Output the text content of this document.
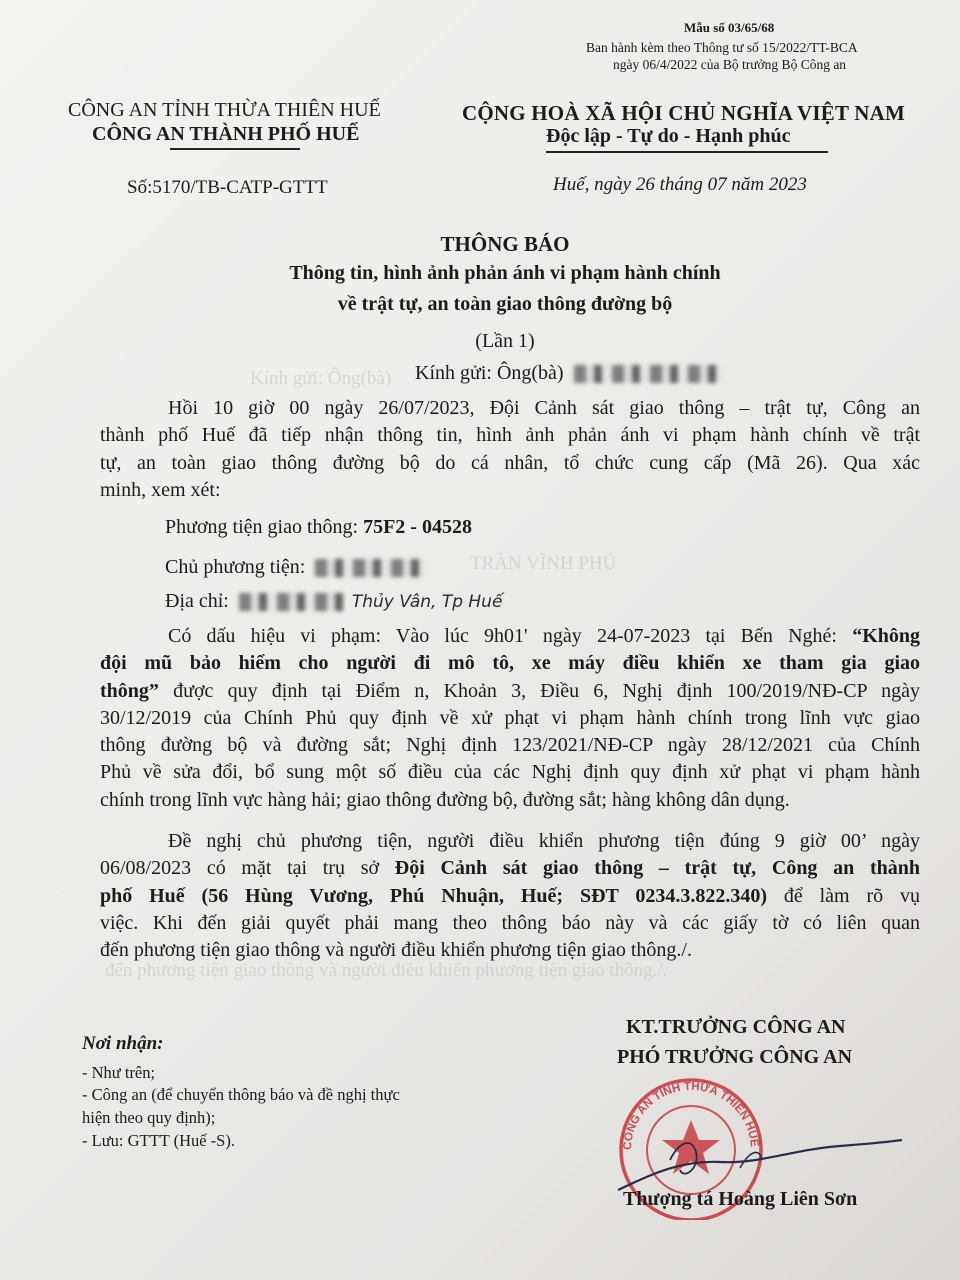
Kính gửi: Ông(bà)
TRẦN VĨNH PHÚ
đến phương tiện giao thông và người điều khiển phương tiện giao thông./.
Mẫu số 03/65/68
Ban hành kèm theo Thông tư số 15/2022/TT-BCA
ngày 06/4/2022 của Bộ trưởng Bộ Công an
CÔNG AN TỈNH THỪA THIÊN HUẾ
CÔNG AN THÀNH PHỐ HUẾ
CỘNG HOÀ XÃ HỘI CHỦ NGHĨA VIỆT NAM
Độc lập - Tự do - Hạnh phúc
Số:5170/TB-CATP-GTTT	Huế, ngày 26 tháng 07 năm 2023
THÔNG BÁO
Thông tin, hình ảnh phản ánh vi phạm hành chính
về trật tự, an toàn giao thông đường bộ
(Lần 1)
Kính gửi: Ông(bà)
Hồi 10 giờ 00 ngày 26/07/2023, Đội Cảnh sát giao thông – trật tự, Công an
thành phố Huế đã tiếp nhận thông tin, hình ảnh phản ánh vi phạm hành chính về trật
tự, an toàn giao thông đường bộ do cá nhân, tổ chức cung cấp (Mã 26). Qua xác
minh, xem xét:
Phương tiện giao thông: 75F2 - 04528
Chủ phương tiện:
Địa chỉ:	Thủy Vân, Tp Huế
Có dấu hiệu vi phạm: Vào lúc 9h01' ngày 24-07-2023 tại Bến Nghé: “Không
đội mũ bảo hiểm cho người đi mô tô, xe máy điều khiển xe tham gia giao
thông” được quy định tại Điểm n, Khoản 3, Điều 6, Nghị định 100/2019/NĐ-CP ngày
30/12/2019 của Chính Phủ quy định về xử phạt vi phạm hành chính trong lĩnh vực giao
thông đường bộ và đường sắt; Nghị định 123/2021/NĐ-CP ngày 28/12/2021 của Chính
Phủ về sửa đổi, bổ sung một số điều của các Nghị định quy định xử phạt vi phạm hành
chính trong lĩnh vực hàng hải; giao thông đường bộ, đường sắt; hàng không dân dụng.
Đề nghị chủ phương tiện, người điều khiển phương tiện đúng 9 giờ 00’ ngày
06/08/2023 có mặt tại trụ sở Đội Cảnh sát giao thông – trật tự, Công an thành
phố Huế (56 Hùng Vương, Phú Nhuận, Huế; SĐT 0234.3.822.340) để làm rõ vụ
việc. Khi đến giải quyết phải mang theo thông báo này và các giấy tờ có liên quan
đến phương tiện giao thông và người điều khiển phương tiện giao thông./.
Nơi nhận:
- Như trên;
- Công an (để chuyển thông báo và đề nghị thực
hiện theo quy định);
- Lưu: GTTT (Huế -S).
KT.TRƯỞNG CÔNG AN
PHÓ TRƯỞNG CÔNG AN
CÔNG AN TỈNH THỪA THIÊN HUẾ
Thượng tá Hoàng Liên Sơn
